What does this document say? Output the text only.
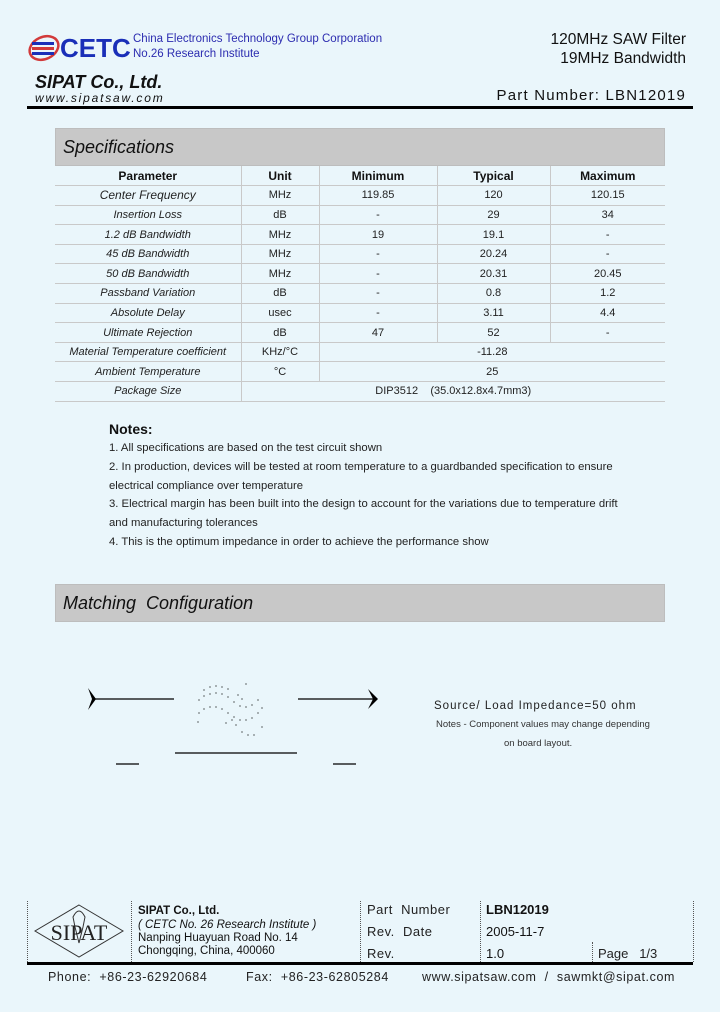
CETC China Electronics Technology Group Corporation
No.26 Research Institute
SIPAT Co., Ltd.
www.sipatsaw.com
120MHz SAW Filter
19MHz Bandwidth
Part Number: LBN12019
Specifications
Parameter	Unit	Minimum	Typical	Maximum
Center Frequency	MHz	119.85	120	120.15
Insertion Loss	dB	-	29	34
1.2 dB Bandwidth	MHz	19	19.1	-
45 dB Bandwidth	MHz	-	20.24	-
50 dB Bandwidth	MHz	-	20.31	20.45
Passband Variation	dB	-	0.8	1.2
Absolute Delay	usec	-	3.11	4.4
Ultimate Rejection	dB	47	52	-
Material Temperature coefficient	KHz/°C	-11.28		
Ambient Temperature	°C	25		
Package Size	DIP3512    (35.0x12.8x4.7mm3)			
Notes:
1. All specifications are based on the test circuit shown
2. In production, devices will be tested at room temperature to a guardbanded specification to ensure
electrical compliance over temperature
3. Electrical margin has been built into the design to account for the variations due to temperature drift
and manufacturing tolerances
4. This is the optimum impedance in order to achieve the performance show
Matching  Configuration
Source/ Load Impedance=50 ohm
Notes - Component values may change depending
on board layout.
SIPAT
SIPAT Co., Ltd.
( CETC No. 26 Research Institute )
Nanping Huayuan Road No. 14
Chongqing, China, 400060
Part  Number	LBN12019
Rev.  Date	2005-11-7
Rev.	1.0	Page   1/3
Phone:  +86-23-62920684	Fax:  +86-23-62805284	www.sipatsaw.com  /  sawmkt@sipat.com
